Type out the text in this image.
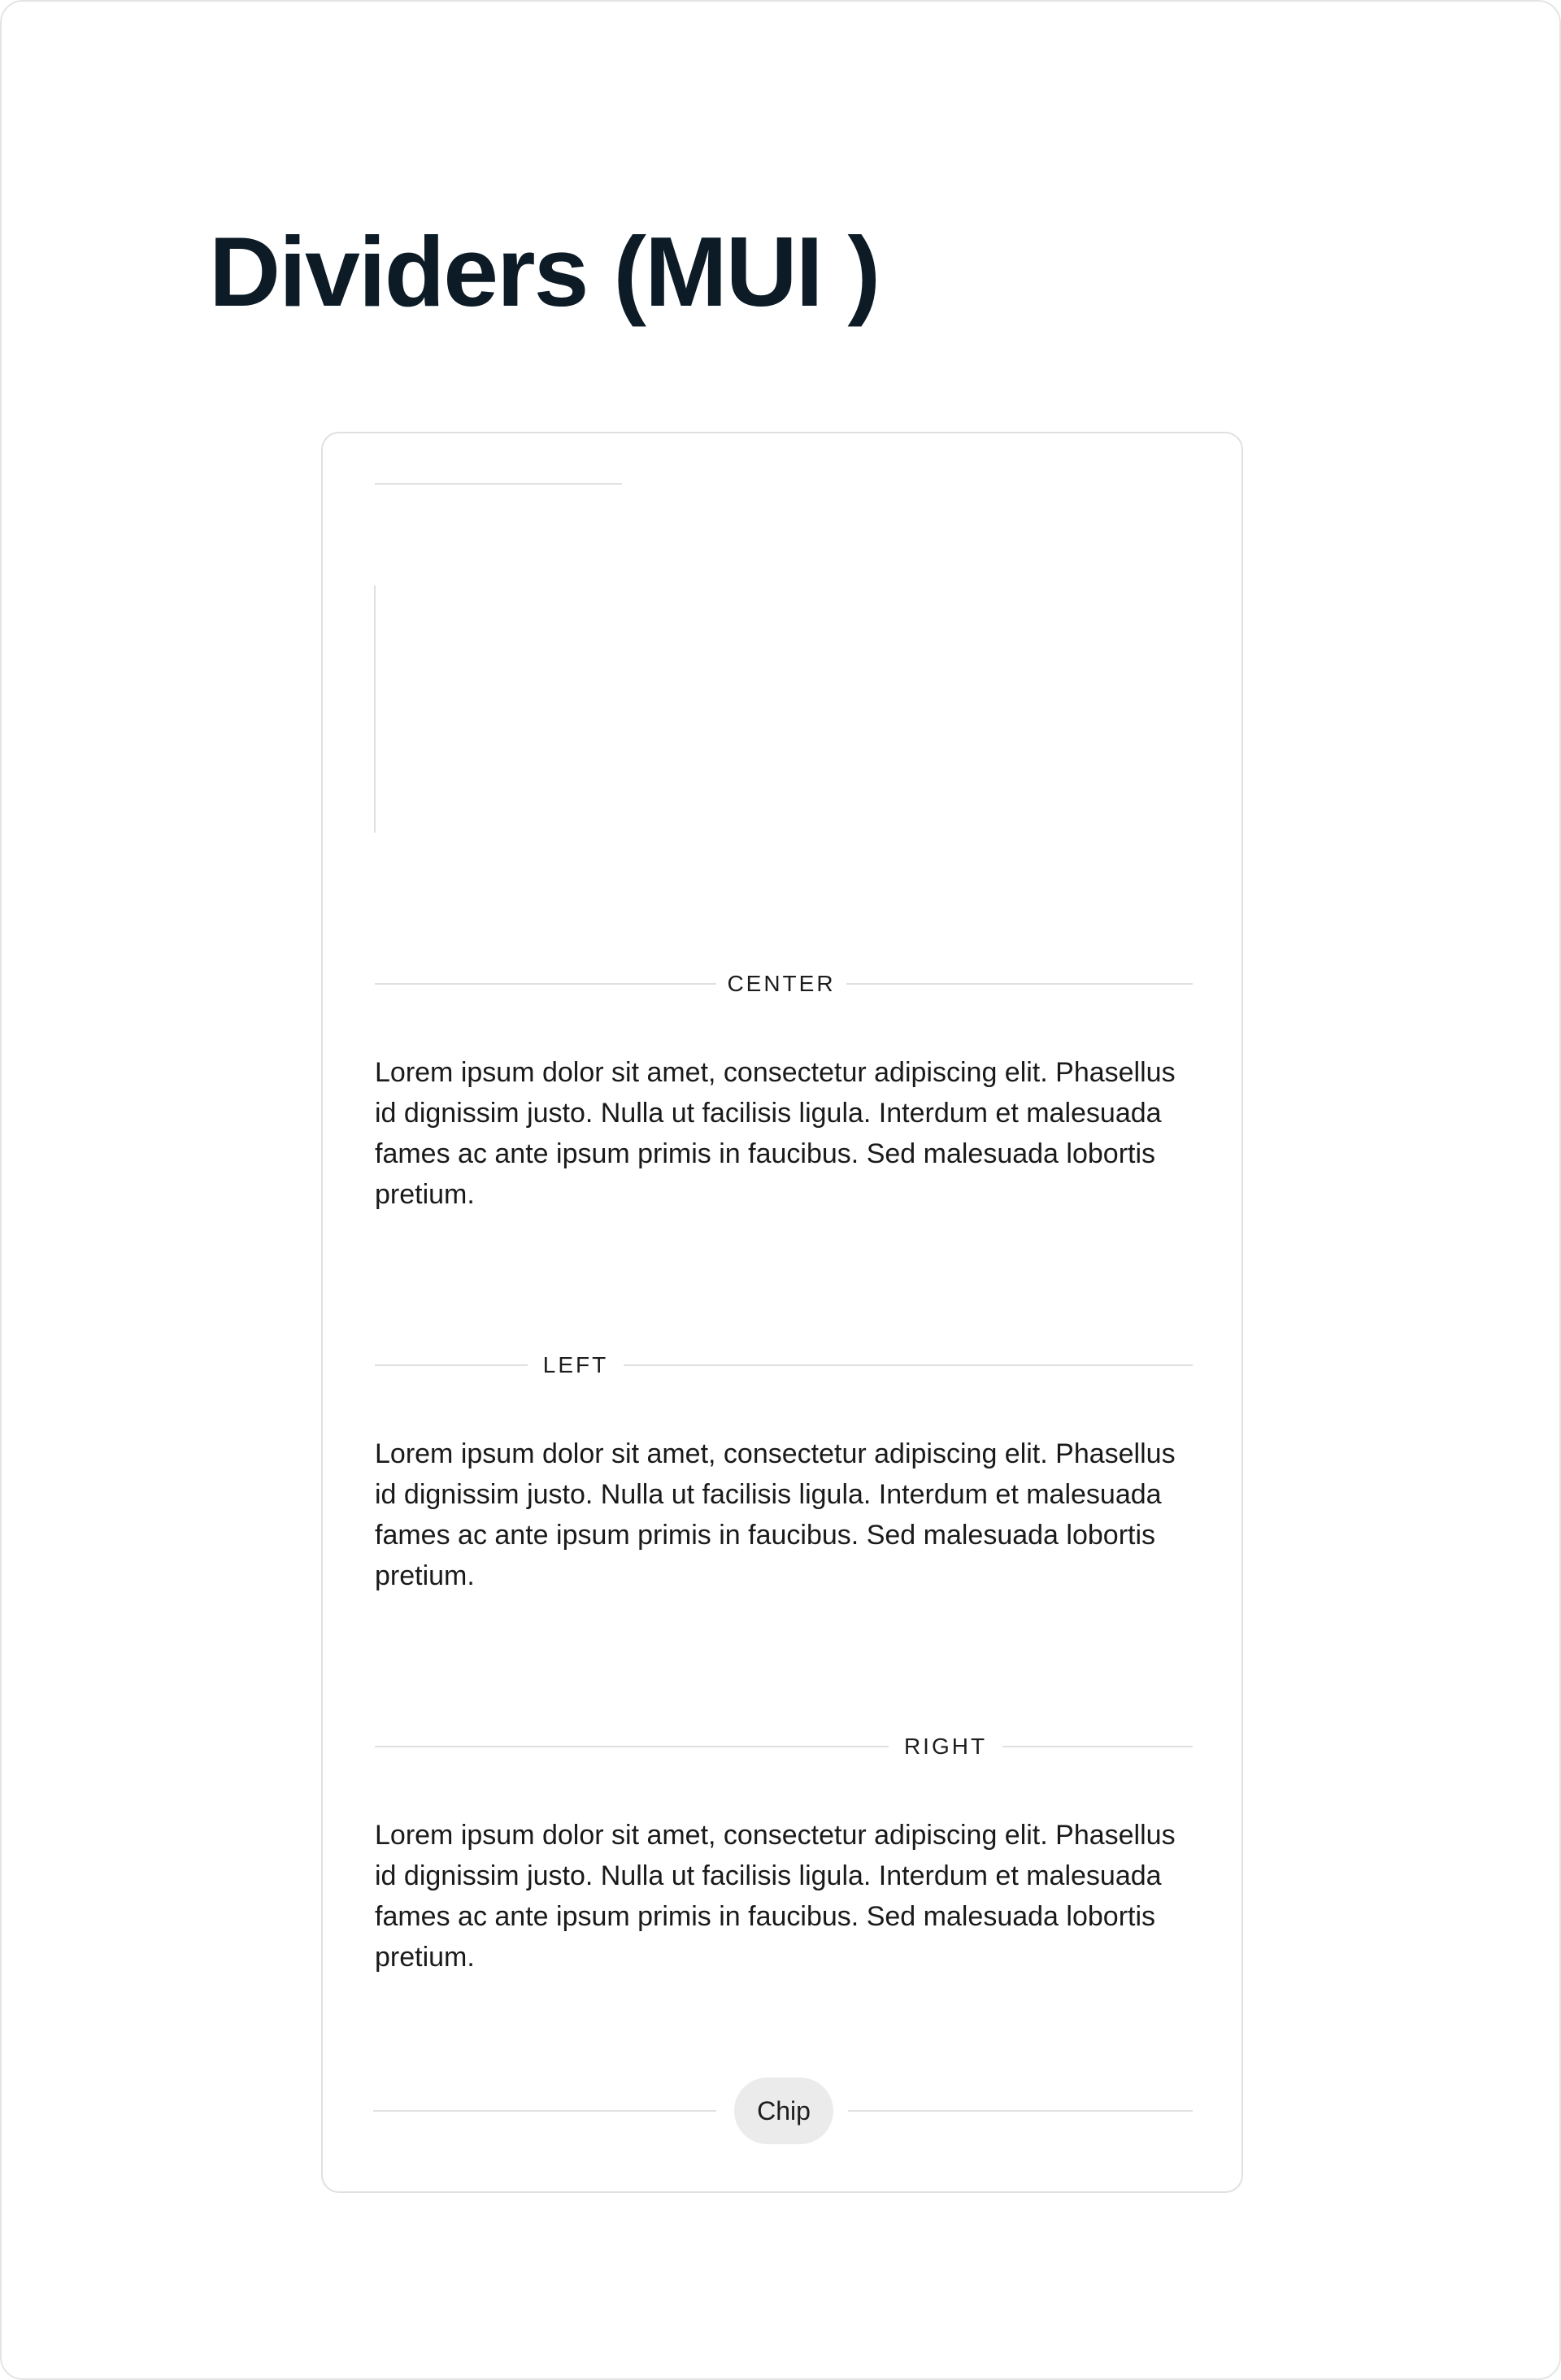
Dividers (MUI )
CENTER

Lorem ipsum dolor sit amet, consectetur adipiscing elit. Phasellus id dignissim justo. Nulla ut facilisis ligula. Interdum et malesuada fames ac ante ipsum primis in faucibus. Sed malesuada lobortis pretium.

LEFT

Lorem ipsum dolor sit amet, consectetur adipiscing elit. Phasellus id dignissim justo. Nulla ut facilisis ligula. Interdum et malesuada fames ac ante ipsum primis in faucibus. Sed malesuada lobortis pretium.

RIGHT

Lorem ipsum dolor sit amet, consectetur adipiscing elit. Phasellus id dignissim justo. Nulla ut facilisis ligula. Interdum et malesuada fames ac ante ipsum primis in faucibus. Sed malesuada lobortis pretium.

Chip
